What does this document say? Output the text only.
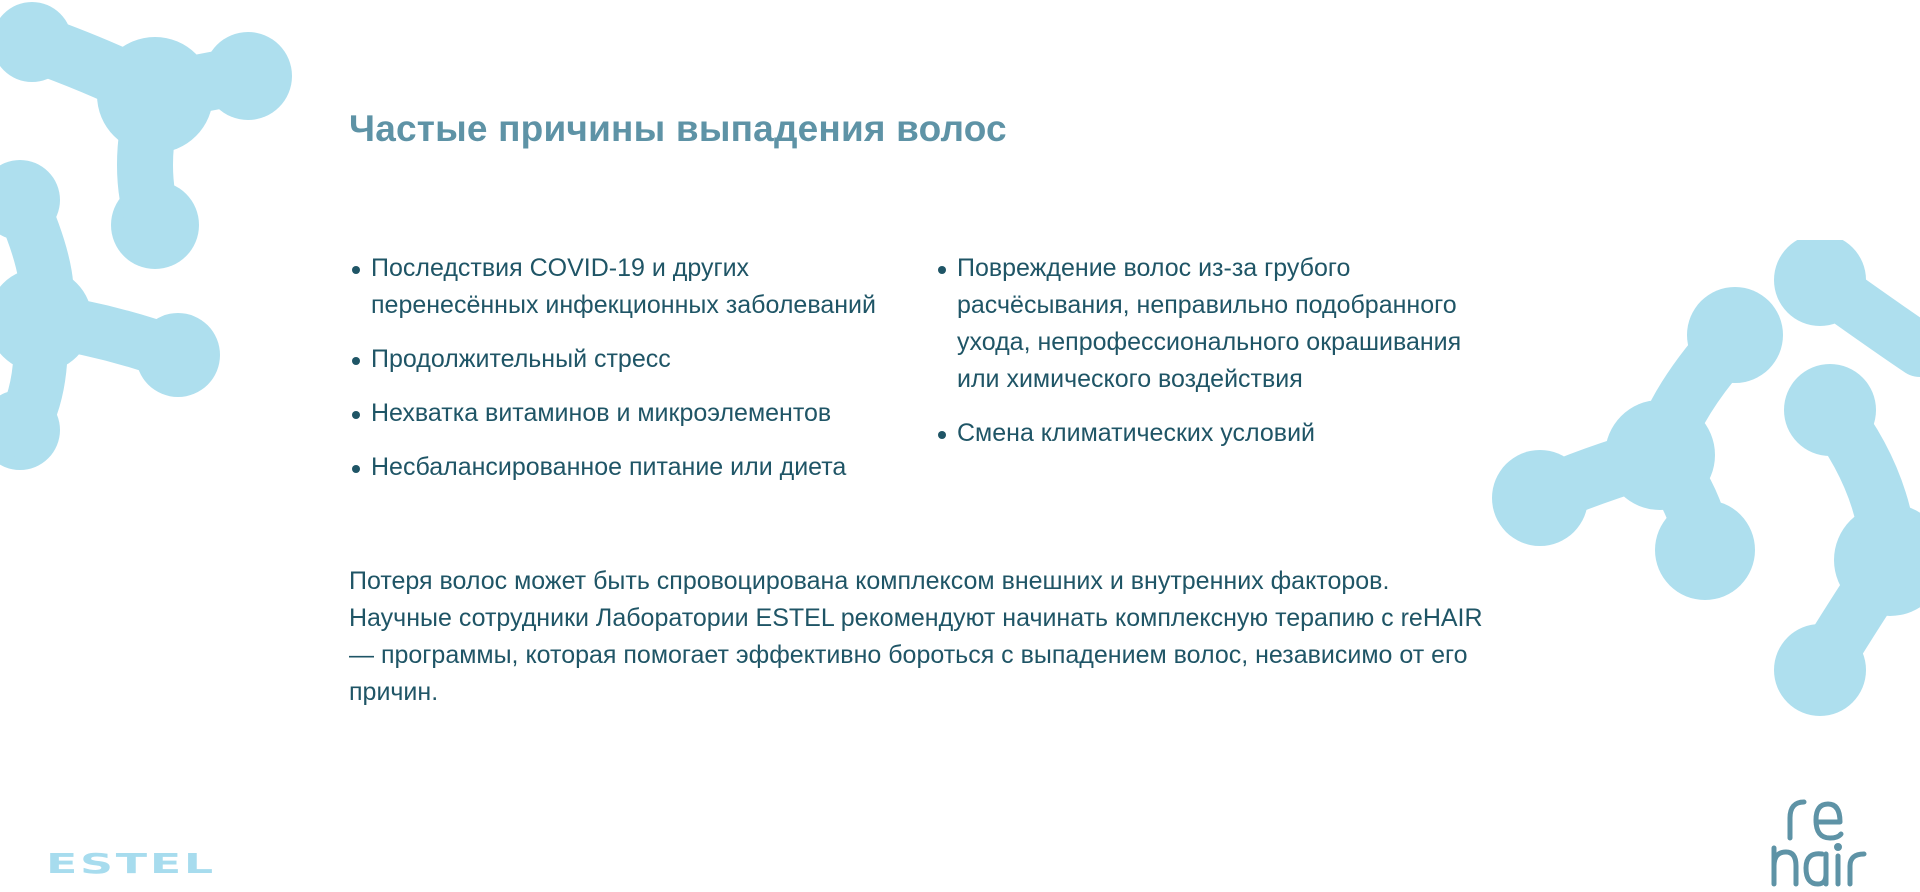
Частые причины выпадения волос
Последствия COVID-19 и других перенесённых инфекционных заболеваний
Продолжительный стресс
Нехватка витаминов и микроэлементов
Несбалансированное питание или диета
Повреждение волос из-за грубого расчёсывания, неправильно подобранного ухода, непрофессионального окрашивания или химического воздействия
Смена климатических условий

Потеря волос может быть спровоцирована комплексом внешних и внутренних факторов. Научные сотрудники Лаборатории ESTEL рекомендуют начинать комплексную терапию с reHAIR — программы, которая помогает эффективно бороться с выпадением волос, независимо от его причин.

ESTEL
